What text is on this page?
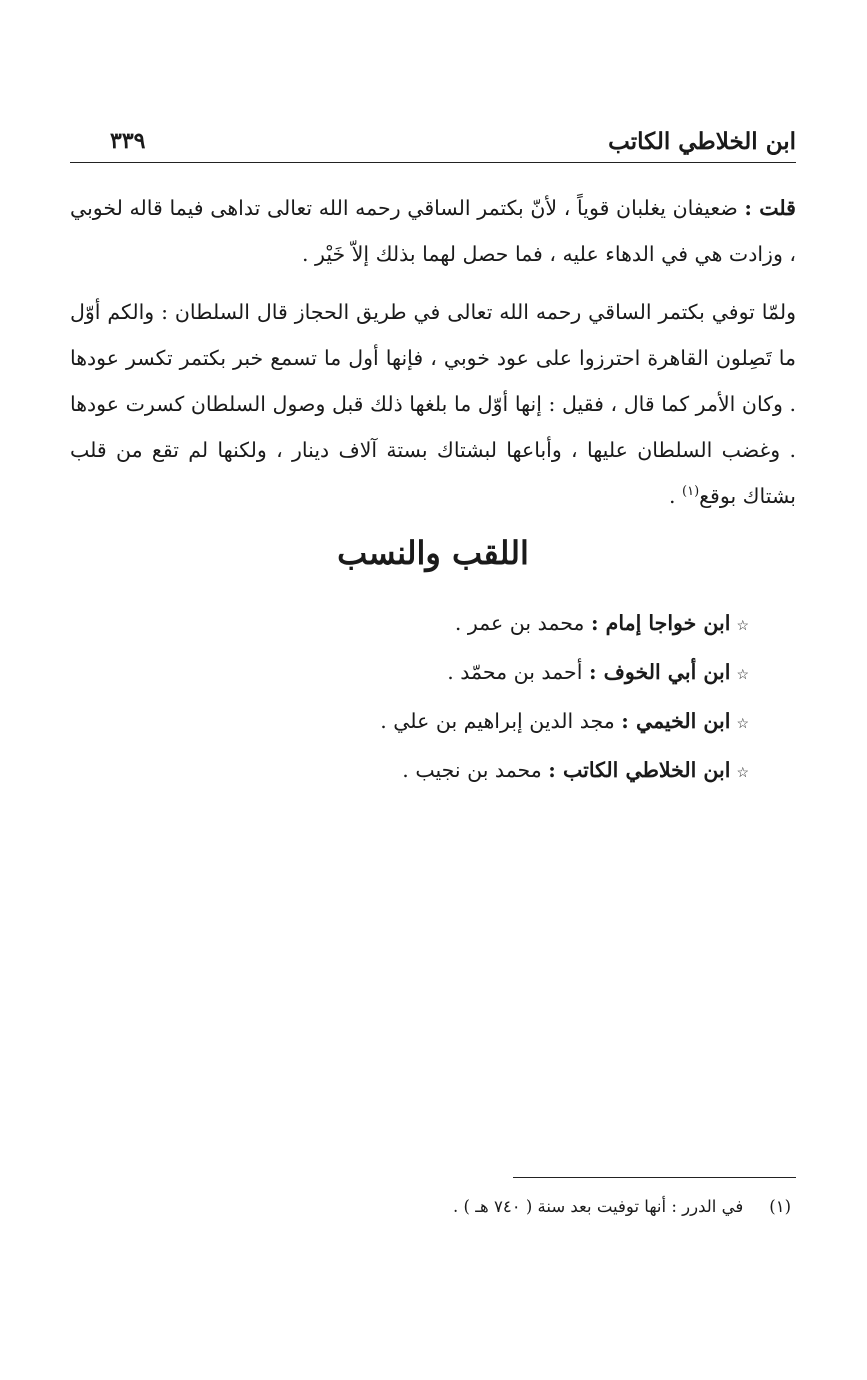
ابن الخلاطي الكاتب
٣٣٩

قلت : ضعيفان يغلبان قوياً ، لأنّ بكتمر الساقي رحمه الله تعالى تداهى فيما قاله لخوبي ، وزادت هي في الدهاء عليه ، فما حصل لهما بذلك إلاّ خَيْر .

ولمّا توفي بكتمر الساقي رحمه الله تعالى في طريق الحجاز قال السلطان : والكم أوّل ما تَصِلون القاهرة احترزوا على عود خوبي ، فإنها أول ما تسمع خبر بكتمر تكسر عودها . وكان الأمر كما قال ، فقيل : إنها أوّل ما بلغها ذلك قبل وصول السلطان كسرت عودها . وغضب السلطان عليها ، وأباعها لبشتاك بستة آلاف دينار ، ولكنها لم تقع من قلب بشتاك بوقع$^{(١)}$ .

اللقب والنسب
☆ابن خواجا إمام : محمد بن عمر .
☆ابن أبي الخوف : أحمد بن محمّد .
☆ابن الخيمي : مجد الدين إبراهيم بن علي .
☆ابن الخلاطي الكاتب : محمد بن نجيب .
(١)في الدرر : أنها توفيت بعد سنة ( ٧٤٠ هـ ) .
